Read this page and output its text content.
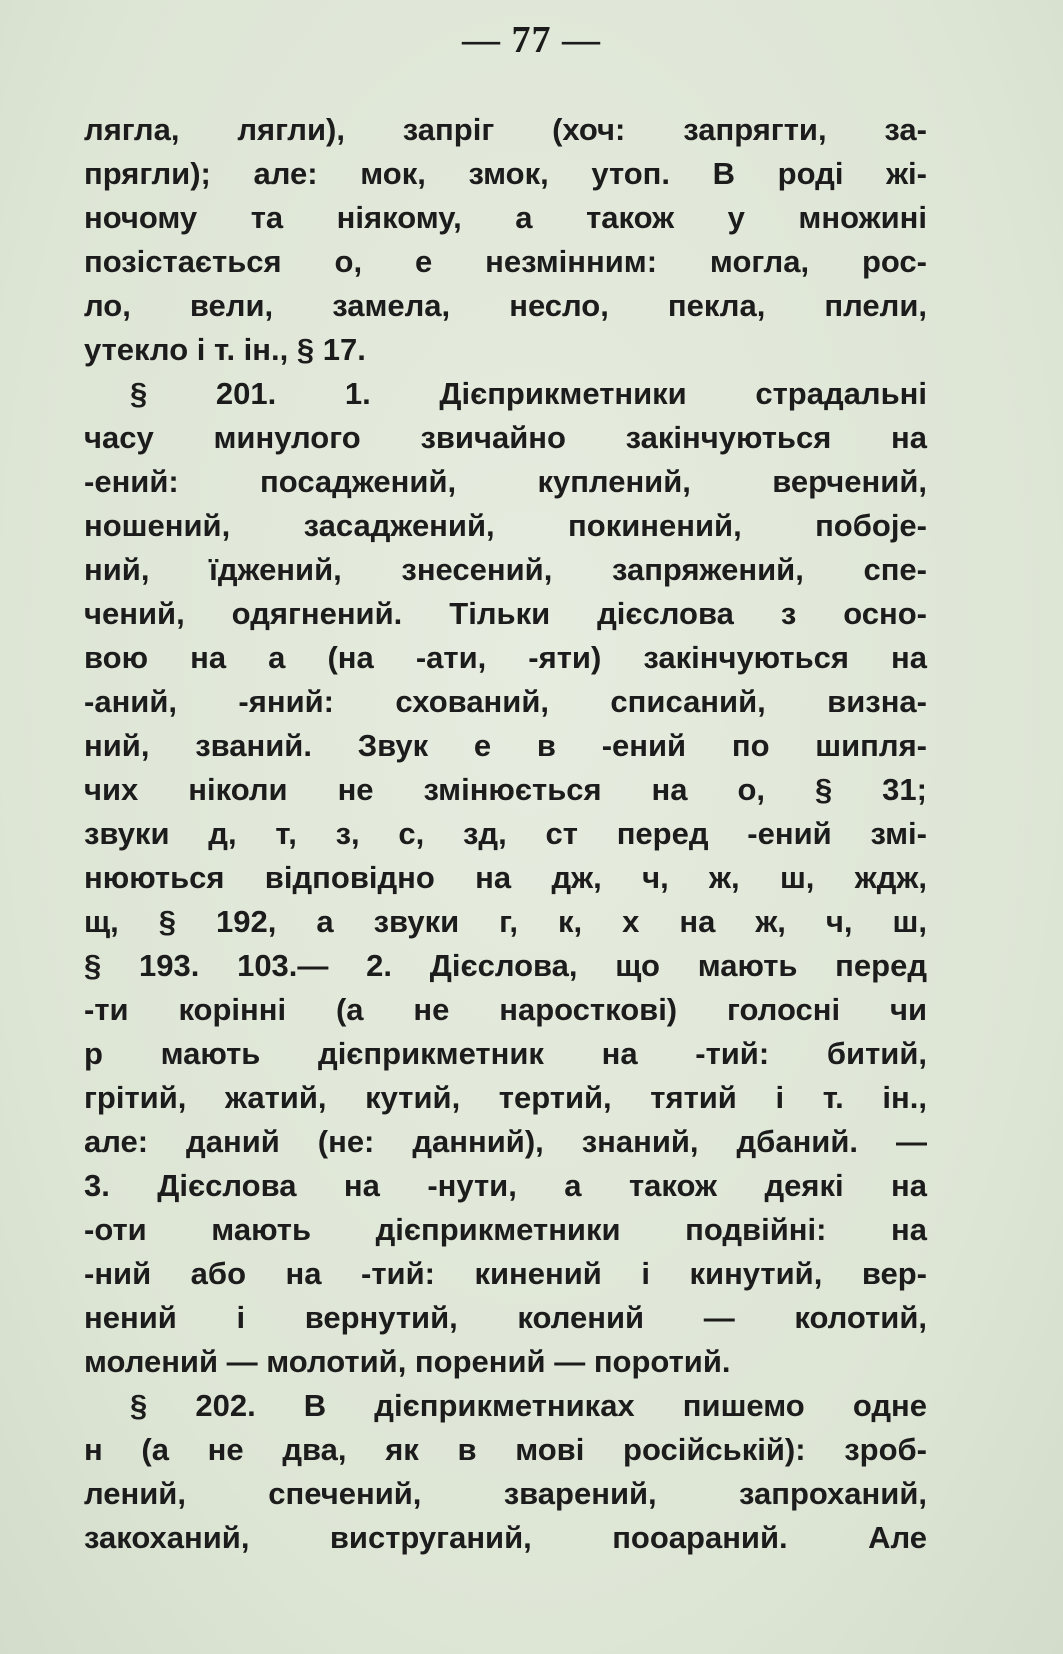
— 77 —
лягла, лягли), запріг (хоч: запрягти, за-
прягли); але: мок, змок, утоп. В роді жі-
ночому та ніякому, а також у множині
позістається о, е незмінним: могла, рос-
ло, вели, замела, несло, пекла, плели,
утекло і т. ін., § 17.
§ 201. 1. Дієприкметники страдальні
часу минулого звичайно закінчуються на
-ений: посаджений, куплений, верчений,
ношений, засаджений, покинений, побоје-
ний, їджений, знесений, запряжений, спе-
чений, одягнений. Тільки дієслова з осно-
вою на а (на -ати, -яти) закінчуються на
-аний, -яний: схований, списаний, визна-
ний, званий. Звук е в -ений по шипля-
чих ніколи не змінюється на о, § 31;
звуки д, т, з, с, зд, ст перед -ений змі-
нюються відповідно на дж, ч, ж, ш, ждж,
щ, § 192, а звуки г, к, х на ж, ч, ш,
§ 193. 103.— 2. Дієслова, що мають перед
-ти корінні (а не наросткові) голосні чи
р мають дієприкметник на -тий: битий,
грітий, жатий, кутий, тертий, тятий і т. ін.,
але: даний (не: данний), знаний, дбаний. —
3. Дієслова на -нути, а також деякі на
-оти мають дієприкметники подвійні: на
-ний або на -тий: кинений і кинутий, вер-
нений і вернутий, колений — колотий,
молений — молотий, порений — поротий.
§ 202. В дієприкметниках пишемо одне
н (а не два, як в мові російській): зроб-
лений, спечений, зварений, запроханий,
закоханий, виструганий, пооараний. Але
